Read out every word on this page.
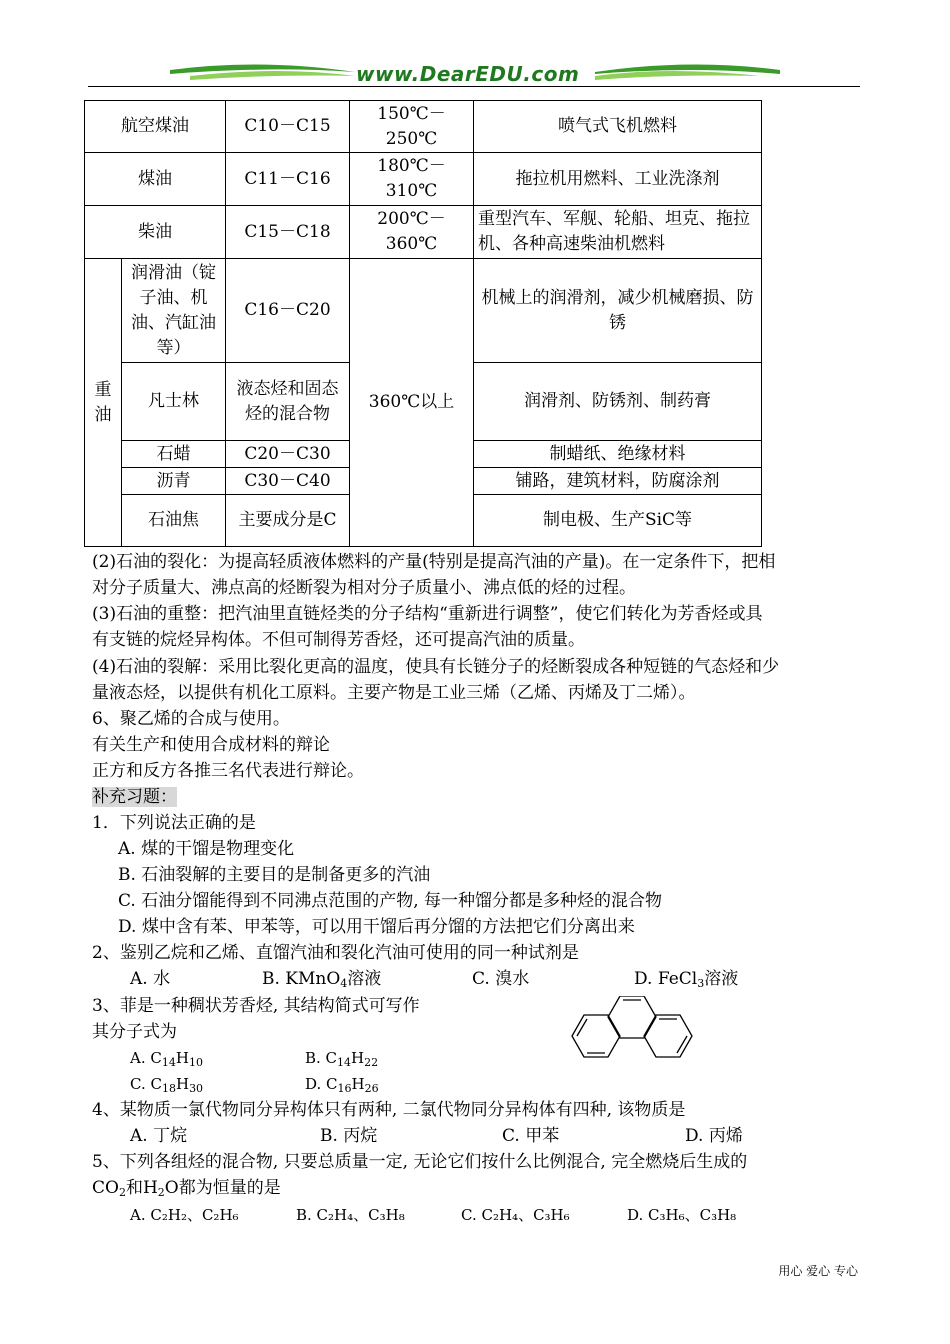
www.DearEDU.com
航空煤油		C10－C15	150℃－250℃	喷气式飞机燃料
煤油		C11－C16	180℃－310℃	拖拉机用燃料、工业洗涤剂
柴油		C15－C18	200℃－360℃	重型汽车、军舰、轮船、坦克、拖拉机、各种高速柴油机燃料
重油	润滑油（锭子油、机油、汽缸油等）	C16－C20	360℃以上	机械上的润滑剂，减少机械磨损、防锈
	凡士林	液态烃和固态烃的混合物		润滑剂、防锈剂、制药膏
	石蜡	C20－C30		制蜡纸、绝缘材料
	沥青	C30－C40		铺路，建筑材料，防腐涂剂
	石油焦	主要成分是C		制电极、生产SiC等
(2)石油的裂化：为提高轻质液体燃料的产量(特别是提高汽油的产量)。在一定条件下，把相
对分子质量大、沸点高的烃断裂为相对分子质量小、沸点低的烃的过程。
(3)石油的重整：把汽油里直链烃类的分子结构“重新进行调整”，使它们转化为芳香烃或具
有支链的烷烃异构体。不但可制得芳香烃，还可提高汽油的质量。
(4)石油的裂解：采用比裂化更高的温度，使具有长链分子的烃断裂成各种短链的气态烃和少
量液态烃，以提供有机化工原料。主要产物是工业三烯（乙烯、丙烯及丁二烯）。
6、聚乙烯的合成与使用。
有关生产和使用合成材料的辩论
正方和反方各推三名代表进行辩论。
补充习题：
1．下列说法正确的是
A. 煤的干馏是物理变化
B. 石油裂解的主要目的是制备更多的汽油
C. 石油分馏能得到不同沸点范围的产物, 每一种馏分都是多种烃的混合物
D. 煤中含有苯、甲苯等，可以用干馏后再分馏的方法把它们分离出来
2、鉴别乙烷和乙烯、直馏汽油和裂化汽油可使用的同一种试剂是
A. 水	B. KMnO$_4$溶液	C. 溴水	D. FeCl$_3$溶液
3、菲是一种稠状芳香烃, 其结构简式可写作
其分子式为
A. $C_{14}H_{10}$	B. $C_{14}H_{22}$
C. $C_{18}H_{30}$	D. $C_{16}H_{26}$
4、某物质一氯代物同分异构体只有两种, 二氯代物同分异构体有四种, 该物质是
A. 丁烷	B. 丙烷	C. 甲苯	D. 丙烯
5、下列各组烃的混合物, 只要总质量一定, 无论它们按什么比例混合, 完全燃烧后生成的
$CO_2$和$H_2O$都为恒量的是
A. C₂H₂、C₂H₆	B. C₂H₄、C₃H₈	C. C₂H₄、C₃H₆	D. C₃H₆、C₃H₈
用心 爱心 专心
